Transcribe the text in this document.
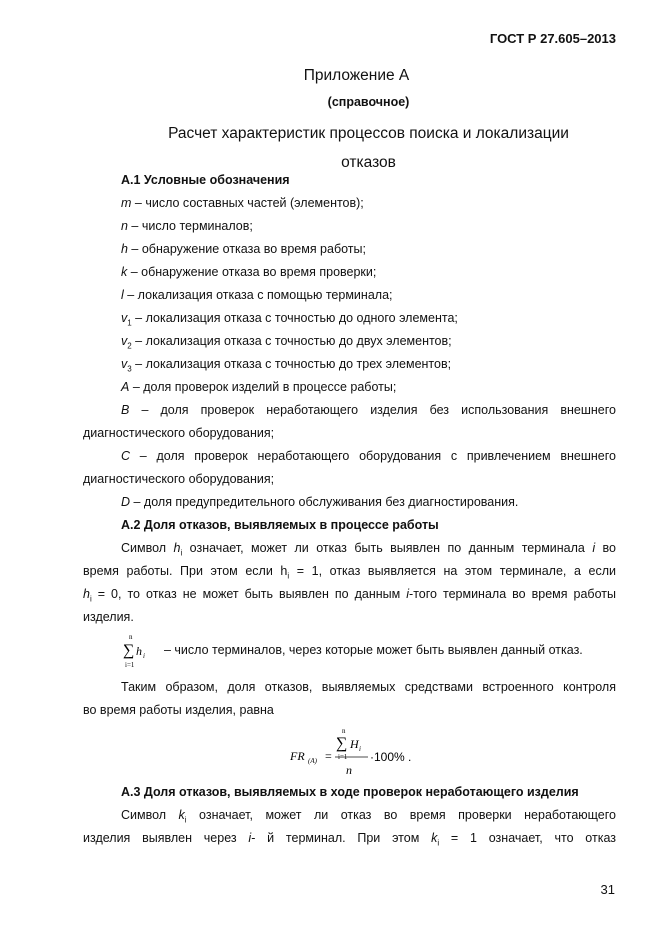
ГОСТ Р 27.605–2013
Приложение А
(справочное)
Расчет характеристик процессов поиска и локализации
отказов
А.1 Условные обозначения
m – число составных частей (элементов);
n – число терминалов;
h – обнаружение отказа во время работы;
k – обнаружение отказа во время проверки;
l – локализация отказа с помощью терминала;
$v_1$ – локализация отказа с точностью до одного элемента;
$v_2$ – локализация отказа с точностью до двух элементов;
$v_3$ – локализация отказа с точностью до трех элементов;
A – доля проверок изделий в процессе работы;
B – доля проверок неработающего изделия без использования внешнего
диагностического оборудования;
C – доля проверок неработающего оборудования с привлечением внешнего
диагностического оборудования;
D – доля предупредительного обслуживания без диагностирования.
А.2 Доля отказов, выявляемых в процессе работы
Символ $h_i$ означает, может ли отказ быть выявлен по данным терминала i во
время работы. При этом если $h_i = 1$, отказ выявляется на этом терминале, а если
$h_i = 0$, то отказ не может быть выявлен по данным i-того терминала во время работы
изделия.
n
∑ h i
i=1
– число терминалов, через которые может быть выявлен данный отказ.
Таким образом, доля отказов, выявляемых средствами встроенного контроля
во время работы изделия, равна
FR (A) =
n
∑ H i
i=1
n
·100% .
А.3 Доля отказов, выявляемых в ходе проверок неработающего изделия
Символ $k_i$ означает, может ли отказ во время проверки неработающего
изделия выявлен через i- й терминал. При этом $k_i = 1$ означает, что отказ
31
